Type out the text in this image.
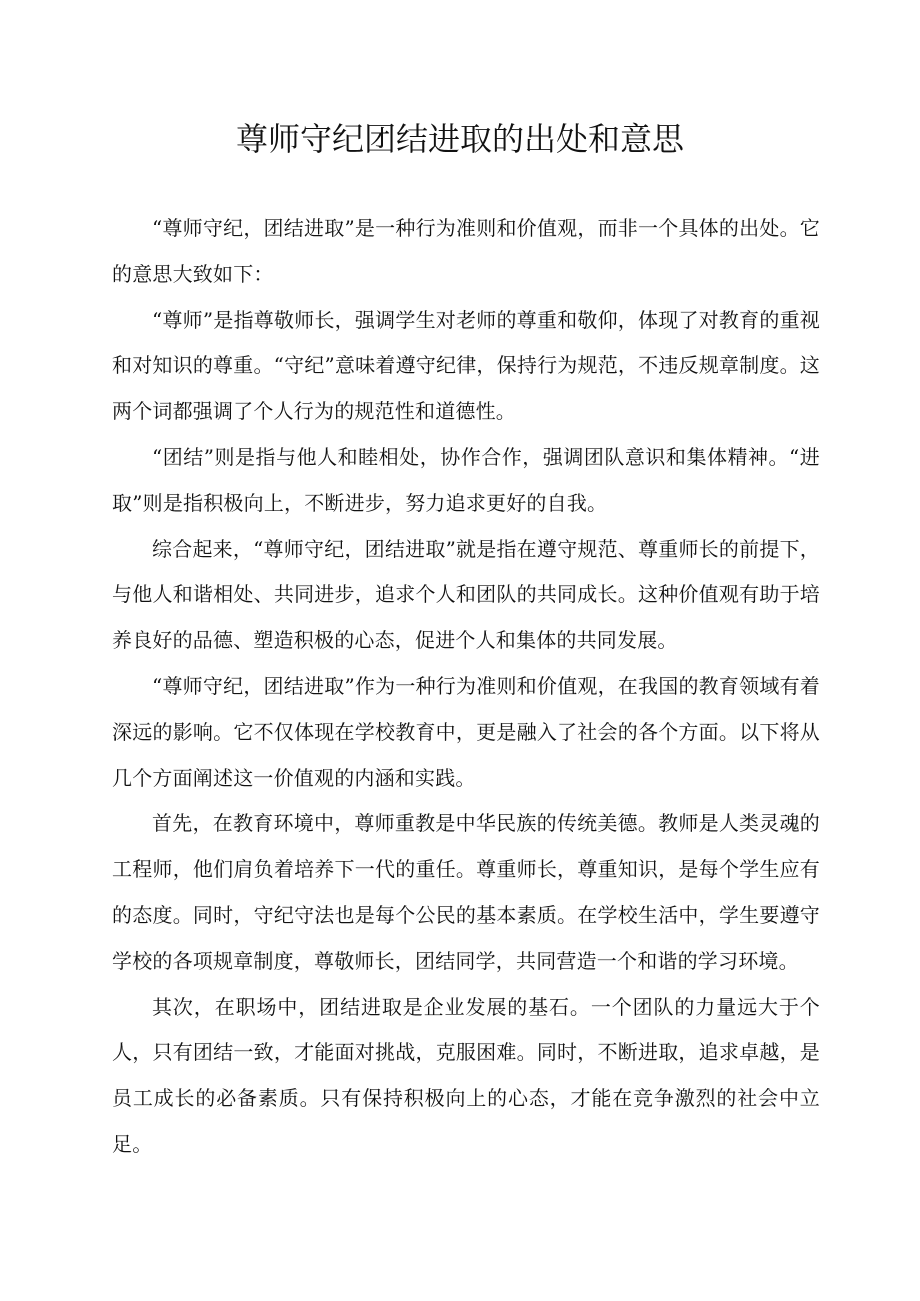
尊师守纪团结进取的出处和意思

“尊师守纪，团结进取”是一种行为准则和价值观，而非一个具体的出处。它的意思大致如下：

“尊师”是指尊敬师长，强调学生对老师的尊重和敬仰，体现了对教育的重视和对知识的尊重。“守纪”意味着遵守纪律，保持行为规范，不违反规章制度。这两个词都强调了个人行为的规范性和道德性。

“团结”则是指与他人和睦相处，协作合作，强调团队意识和集体精神。“进取”则是指积极向上，不断进步，努力追求更好的自我。

综合起来，“尊师守纪，团结进取”就是指在遵守规范、尊重师长的前提下，与他人和谐相处、共同进步，追求个人和团队的共同成长。这种价值观有助于培养良好的品德、塑造积极的心态，促进个人和集体的共同发展。

“尊师守纪，团结进取”作为一种行为准则和价值观，在我国的教育领域有着深远的影响。它不仅体现在学校教育中，更是融入了社会的各个方面。以下将从几个方面阐述这一价值观的内涵和实践。

首先，在教育环境中，尊师重教是中华民族的传统美德。教师是人类灵魂的工程师，他们肩负着培养下一代的重任。尊重师长，尊重知识，是每个学生应有的态度。同时，守纪守法也是每个公民的基本素质。在学校生活中，学生要遵守学校的各项规章制度，尊敬师长，团结同学，共同营造一个和谐的学习环境。

其次，在职场中，团结进取是企业发展的基石。一个团队的力量远大于个人，只有团结一致，才能面对挑战，克服困难。同时，不断进取，追求卓越，是员工成长的必备素质。只有保持积极向上的心态，才能在竞争激烈的社会中立足。
